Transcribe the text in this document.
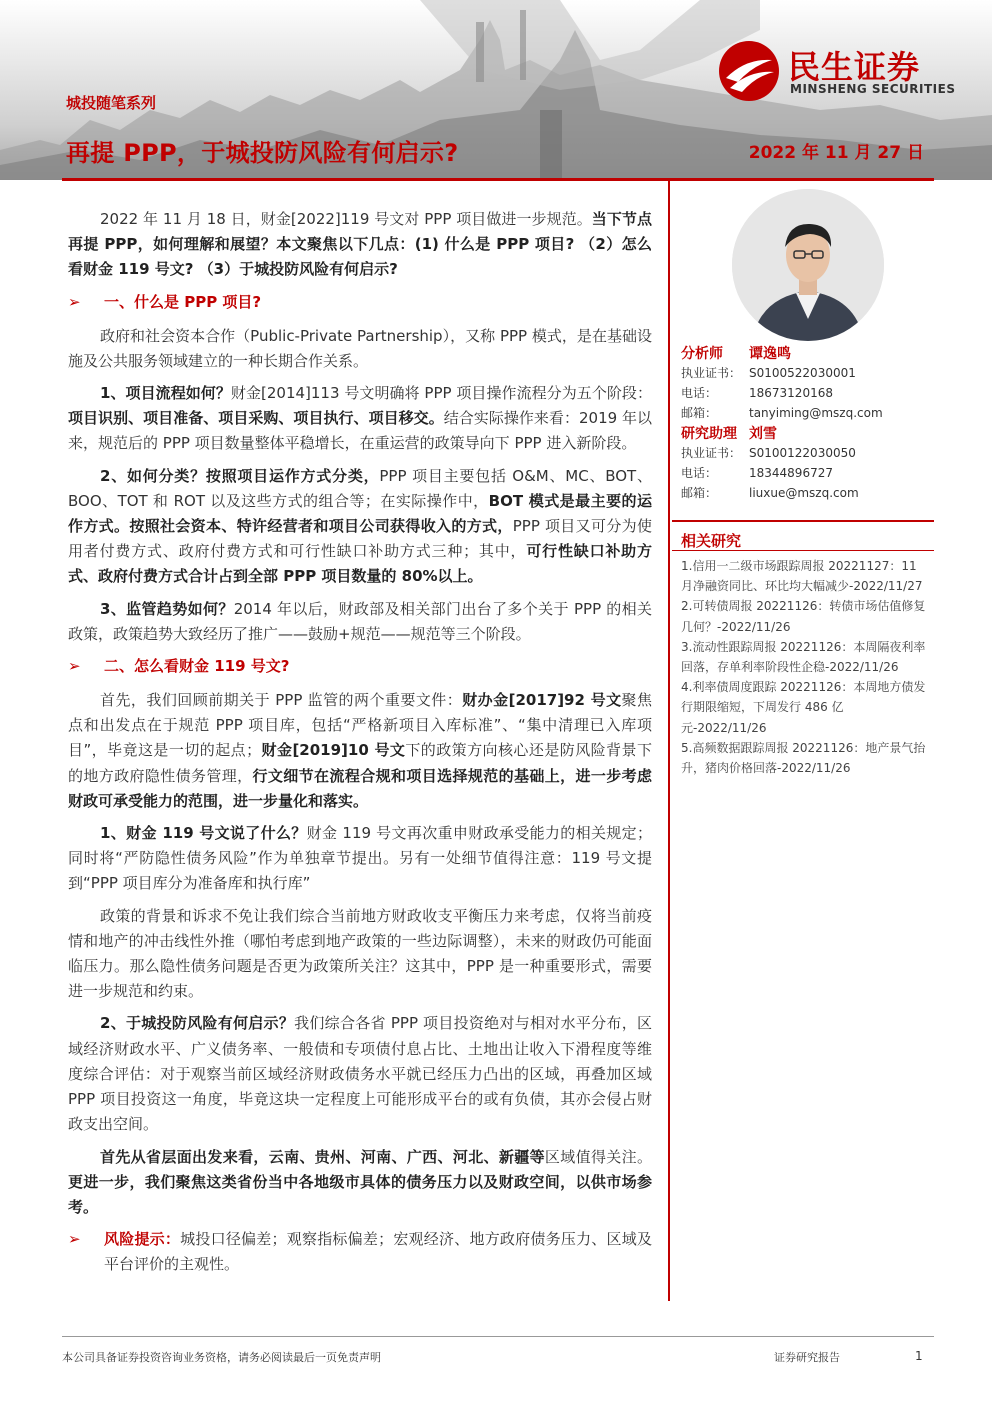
城投随笔系列
再提 PPP，于城投防风险有何启示?	2022 年 11 月 27 日
民生证券
MINSHENG SECURITIES

2022 年 11 月 18 日，财金[2022]119 号文对 PPP 项目做进一步规范。当下节点再提 PPP，如何理解和展望？本文聚焦以下几点：(1) 什么是 PPP 项目? （2）怎么看财金 119 号文? （3）于城投防风险有何启示?

➢ 一、什么是 PPP 项目?

政府和社会资本合作（Public-Private Partnership），又称 PPP 模式，是在基础设施及公共服务领域建立的一种长期合作关系。

1、项目流程如何？财金[2014]113 号文明确将 PPP 项目操作流程分为五个阶段：项目识别、项目准备、项目采购、项目执行、项目移交。结合实际操作来看：2019 年以来，规范后的 PPP 项目数量整体平稳增长，在重运营的政策导向下 PPP 进入新阶段。

2、如何分类？按照项目运作方式分类，PPP 项目主要包括 O&M、MC、BOT、BOO、TOT 和 ROT 以及这些方式的组合等；在实际操作中，BOT 模式是最主要的运作方式。按照社会资本、特许经营者和项目公司获得收入的方式，PPP 项目又可分为使用者付费方式、政府付费方式和可行性缺口补助方式三种；其中，可行性缺口补助方式、政府付费方式合计占到全部 PPP 项目数量的 80%以上。

3、监管趋势如何？2014 年以后，财政部及相关部门出台了多个关于 PPP 的相关政策，政策趋势大致经历了推广——鼓励+规范——规范等三个阶段。

➢ 二、怎么看财金 119 号文?

首先，我们回顾前期关于 PPP 监管的两个重要文件：财办金[2017]92 号文聚焦点和出发点在于规范 PPP 项目库，包括“严格新项目入库标准”、“集中清理已入库项目”，毕竟这是一切的起点；财金[2019]10 号文下的政策方向核心还是防风险背景下的地方政府隐性债务管理，行文细节在流程合规和项目选择规范的基础上，进一步考虑财政可承受能力的范围，进一步量化和落实。

1、财金 119 号文说了什么？财金 119 号文再次重申财政承受能力的相关规定；同时将“严防隐性债务风险”作为单独章节提出。另有一处细节值得注意：119 号文提到“PPP 项目库分为准备库和执行库”

政策的背景和诉求不免让我们综合当前地方财政收支平衡压力来考虑，仅将当前疫情和地产的冲击线性外推（哪怕考虑到地产政策的一些边际调整），未来的财政仍可能面临压力。那么隐性债务问题是否更为政策所关注？这其中，PPP 是一种重要形式，需要进一步规范和约束。

2、于城投防风险有何启示？我们综合各省 PPP 项目投资绝对与相对水平分布，区域经济财政水平、广义债务率、一般债和专项债付息占比、土地出让收入下滑程度等维度综合评估：对于观察当前区域经济财政债务水平就已经压力凸出的区域，再叠加区域 PPP 项目投资这一角度，毕竟这块一定程度上可能形成平台的或有负债，其亦会侵占财政支出空间。

首先从省层面出发来看，云南、贵州、河南、广西、河北、新疆等区域值得关注。更进一步，我们聚焦这类省份当中各地级市具体的债务压力以及财政空间，以供市场参考。

➢ 风险提示：城投口径偏差；观察指标偏差；宏观经济、地方政府债务压力、区域及平台评价的主观性。
分析师 谭逸鸣
执业证书： S0100522030001
电话：	18673120168
邮箱：	tanyiming@mszq.com
研究助理 刘雪
执业证书： S0100122030050
电话：	18344896727
邮箱：	liuxue@mszq.com
相关研究
1.信用一二级市场跟踪周报 20221127：11 月净融资同比、环比均大幅减少-2022/11/27
2.可转债周报 20221126：转债市场估值修复几何？-2022/11/26
3.流动性跟踪周报 20221126：本周隔夜利率回落，存单利率阶段性企稳-2022/11/26
4.利率债周度跟踪 20221126：本周地方债发行期限缩短，下周发行 486 亿元-2022/11/26
5.高频数据跟踪周报 20221126：地产景气抬升，猪肉价格回落-2022/11/26
本公司具备证券投资咨询业务资格，请务必阅读最后一页免责声明	证券研究报告	1
